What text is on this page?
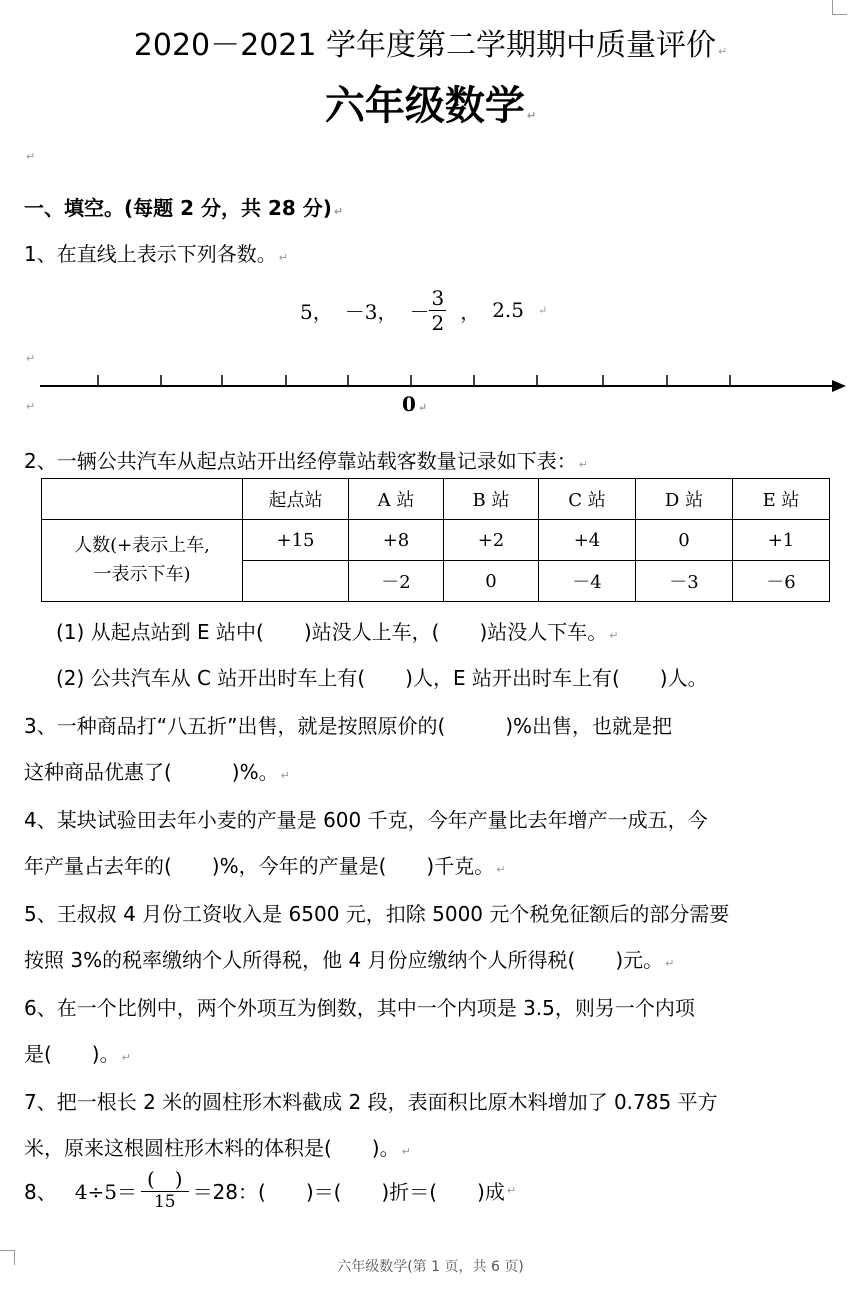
2020－2021 学年度第二学期期中质量评价 ↵
六年级数学 ↵
↵
一、填空。(每题 2 分，共 28 分) ↵
1、在直线上表示下列各数。 ↵
5， －3， － $\frac{3}{2}$ ， 2.5 ↵
↵
↵	0 ↵
2、一辆公共汽车从起点站开出经停靠站载客数量记录如下表： ↵
	起点站	A 站	B 站	C 站	D 站	E 站

人数(+表示上车,
一表示下车)	+15	+8	+2	+4	0	+1
		－2	0	－4	－3	－6
(1) 从起点站到 E 站中(　　)站没人上车，(　　)站没人下车。 ↵
(2) 公共汽车从 C 站开出时车上有(　　)人，E 站开出时车上有(　　)人。
3、一种商品打“八五折”出售，就是按照原价的(　　　)%出售，也就是把
这种商品优惠了(　　　)%。 ↵
4、某块试验田去年小麦的产量是 600 千克，今年产量比去年增产一成五，今
年产量占去年的(　　)%，今年的产量是(　　)千克。 ↵
5、王叔叔 4 月份工资收入是 6500 元，扣除 5000 元个税免征额后的部分需要
按照 3%的税率缴纳个人所得税，他 4 月份应缴纳个人所得税(　　)元。 ↵
6、在一个比例中，两个外项互为倒数，其中一个内项是 3.5，则另一个内项
是(　　)。 ↵
7、把一根长 2 米的圆柱形木料截成 2 段，表面积比原木料增加了 0.785 平方
米，原来这根圆柱形木料的体积是(　　)。 ↵
8、 $4\div 5= \frac{( )}{15} =28$：(　　)＝(　　)折＝(　　)成 ↵
六年级数学(第 1 页，共 6 页)
